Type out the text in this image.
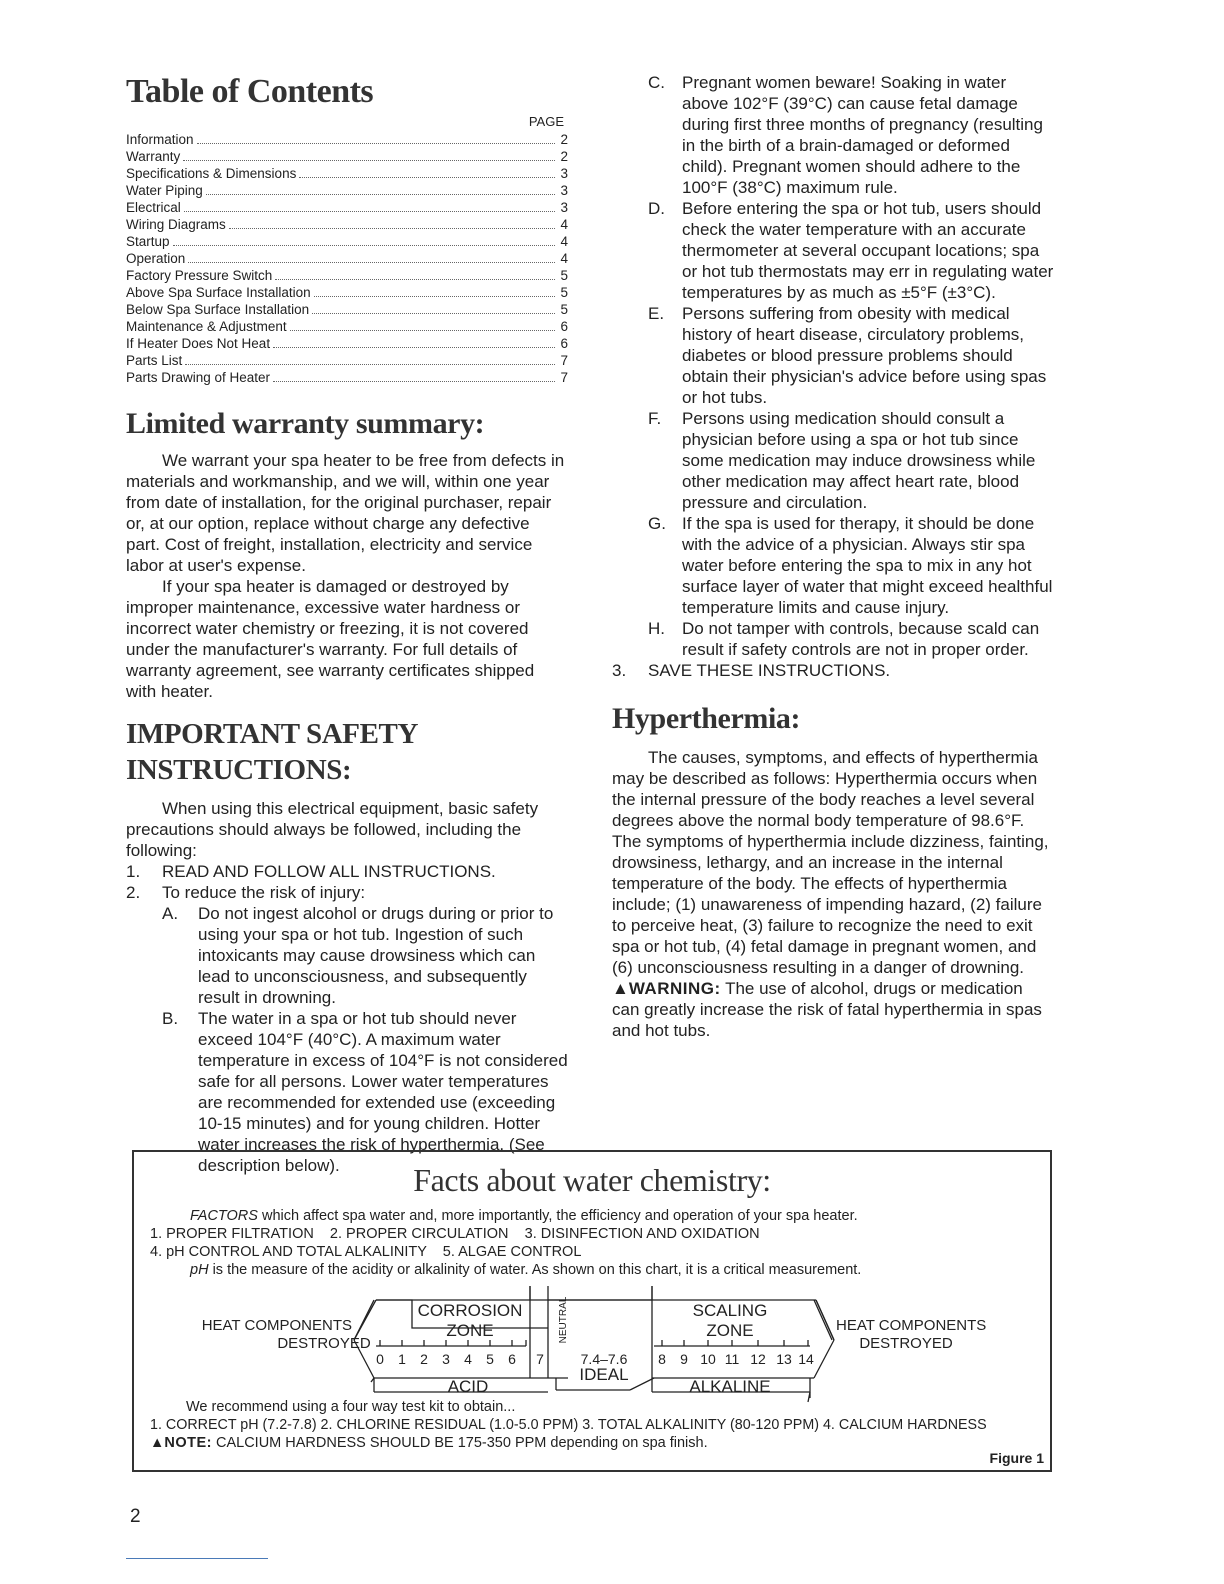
Table of Contents
PAGE
Information	2
Warranty	2
Specifications & Dimensions	3
Water Piping	3
Electrical	3
Wiring Diagrams	4
Startup	4
Operation	4
Factory Pressure Switch	5
Above Spa Surface Installation	5
Below Spa Surface Installation	5
Maintenance & Adjustment	6
If Heater Does Not Heat	6
Parts List	7
Parts Drawing of Heater	7
Limited warranty summary:

We warrant your spa heater to be free from defects in materials and workmanship, and we will, within one year from date of installation, for the original purchaser, repair or, at our option, replace without charge any defective part. Cost of freight, installation, electricity and service labor at user's expense.

If your spa heater is damaged or destroyed by improper maintenance, excessive water hardness or incorrect water chemistry or freezing, it is not covered under the manufacturer's warranty. For full details of warranty agreement, see warranty certificates shipped with heater.

IMPORTANT SAFETY INSTRUCTIONS:

When using this electrical equipment, basic safety precautions should always be followed, including the following:

1.	READ AND FOLLOW ALL INSTRUCTIONS.
2.	To reduce the risk of injury:
A.	Do not ingest alcohol or drugs during or prior to using your spa or hot tub. Ingestion of such intoxicants may cause drowsiness which can lead to unconsciousness, and subsequently result in drowning.
B.	The water in a spa or hot tub should never exceed 104°F (40°C). A maximum water temperature in excess of 104°F is not considered safe for all persons. Lower water temperatures are recommended for extended use (exceeding 10-15 minutes) and for young children. Hotter water increases the risk of hyperthermia. (See description below).
C.	Pregnant women beware! Soaking in water above 102°F (39°C) can cause fetal damage during first three months of pregnancy (resulting in the birth of a brain-damaged or deformed child). Pregnant women should adhere to the 100°F (38°C) maximum rule.
D.	Before entering the spa or hot tub, users should check the water temperature with an accurate thermometer at several occupant locations; spa or hot tub thermostats may err in regulating water temperatures by as much as ±5°F (±3°C).
E.	Persons suffering from obesity with medical history of heart disease, circulatory problems, diabetes or blood pressure problems should obtain their physician's advice before using spas or hot tubs.
F.	Persons using medication should consult a physician before using a spa or hot tub since some medication may induce drowsiness while other medication may affect heart rate, blood pressure and circulation.
G. If the spa is used for therapy, it should be done with the advice of a physician. Always stir spa water before entering the spa to mix in any hot surface layer of water that might exceed healthful temperature limits and cause injury.
H.	Do not tamper with controls, because scald can result if safety controls are not in proper order.
3.	SAVE THESE INSTRUCTIONS.
Hyperthermia:

The causes, symptoms, and effects of hyperthermia may be described as follows: Hyperthermia occurs when the internal pressure of the body reaches a level several degrees above the normal body temperature of 98.6°F. The symptoms of hyperthermia include dizziness, fainting, drowsiness, lethargy, and an increase in the internal temperature of the body. The effects of hyperthermia include; (1) unawareness of impending hazard, (2) failure to perceive heat, (3) failure to recognize the need to exit spa or hot tub, (4) fetal damage in pregnant women, and (6) unconsciousness resulting in a danger of drowning.

▲WARNING: The use of alcohol, drugs or medication can greatly increase the risk of fatal hyperthermia in spas and hot tubs.

Facts about water chemistry:
FACTORS which affect spa water and, more importantly, the efficiency and operation of your spa heater.
1. PROPER FILTRATION    2. PROPER CIRCULATION    3. DISINFECTION AND OXIDATION
4. pH CONTROL AND TOTAL ALKALINITY    5. ALGAE CONTROL
pH is the measure of the acidity or alkalinity of water. As shown on this chart, it is a critical measurement.
HEAT COMPONENTS
DESTROYED
HEAT COMPONENTS
DESTROYED
CORROSION
ZONE	NEUTRAL	SCALING
ZONE
0 1 2 3 4 5 6 7	8 9 10 11 12 13 14
7.4–7.6
IDEAL
ACID	ALKALINE
We recommend using a four way test kit to obtain...
1. CORRECT pH (7.2-7.8) 2. CHLORINE RESIDUAL (1.0-5.0 PPM) 3. TOTAL ALKALINITY (80-120 PPM) 4. CALCIUM HARDNESS
▲NOTE: CALCIUM HARDNESS SHOULD BE 175-350 PPM depending on spa finish.
Figure 1
2
